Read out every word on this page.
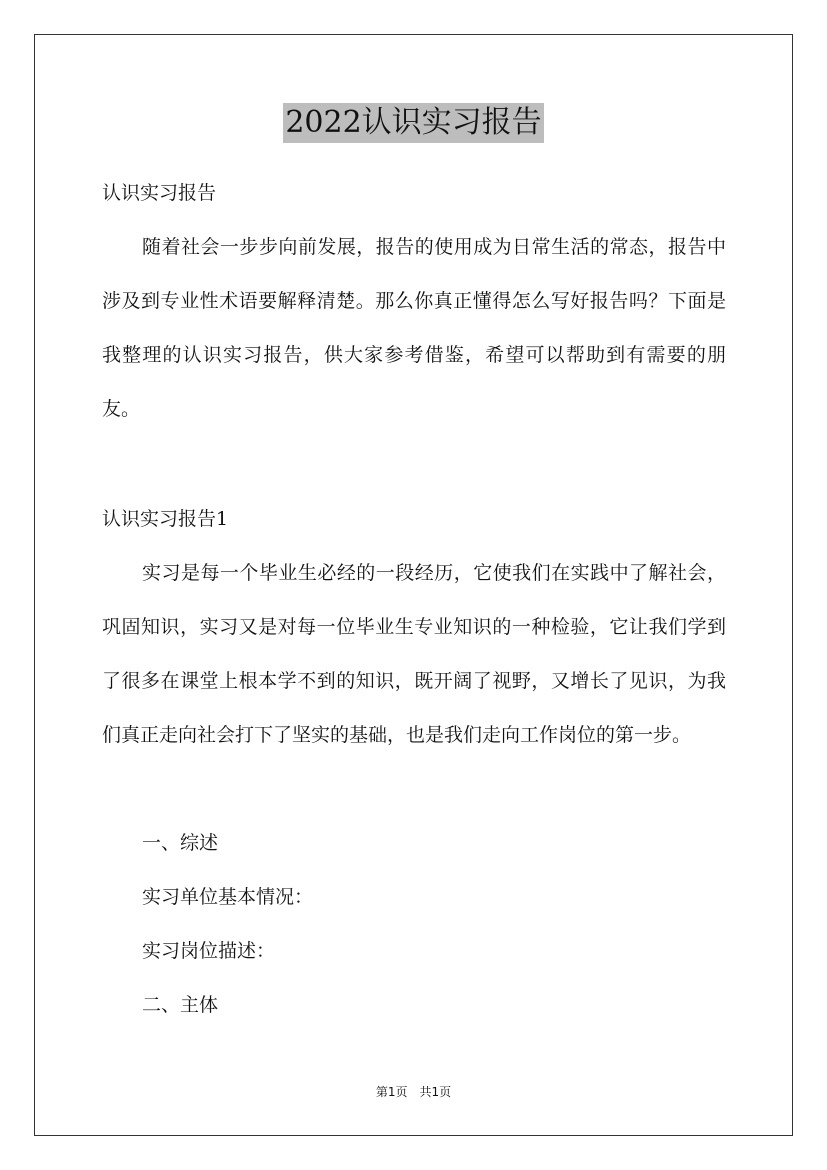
2022认识实习报告

认识实习报告

随着社会一步步向前发展，报告的使用成为日常生活的常态，报告中涉及到专业性术语要解释清楚。那么你真正懂得怎么写好报告吗？下面是我整理的认识实习报告，供大家参考借鉴，希望可以帮助到有需要的朋友。

认识实习报告1

实习是每一个毕业生必经的一段经历，它使我们在实践中了解社会，巩固知识，实习又是对每一位毕业生专业知识的一种检验，它让我们学到了很多在课堂上根本学不到的知识，既开阔了视野，又增长了见识，为我们真正走向社会打下了坚实的基础，也是我们走向工作岗位的第一步。

一、综述

实习单位基本情况：

实习岗位描述：

二、主体

第1页 共1页
